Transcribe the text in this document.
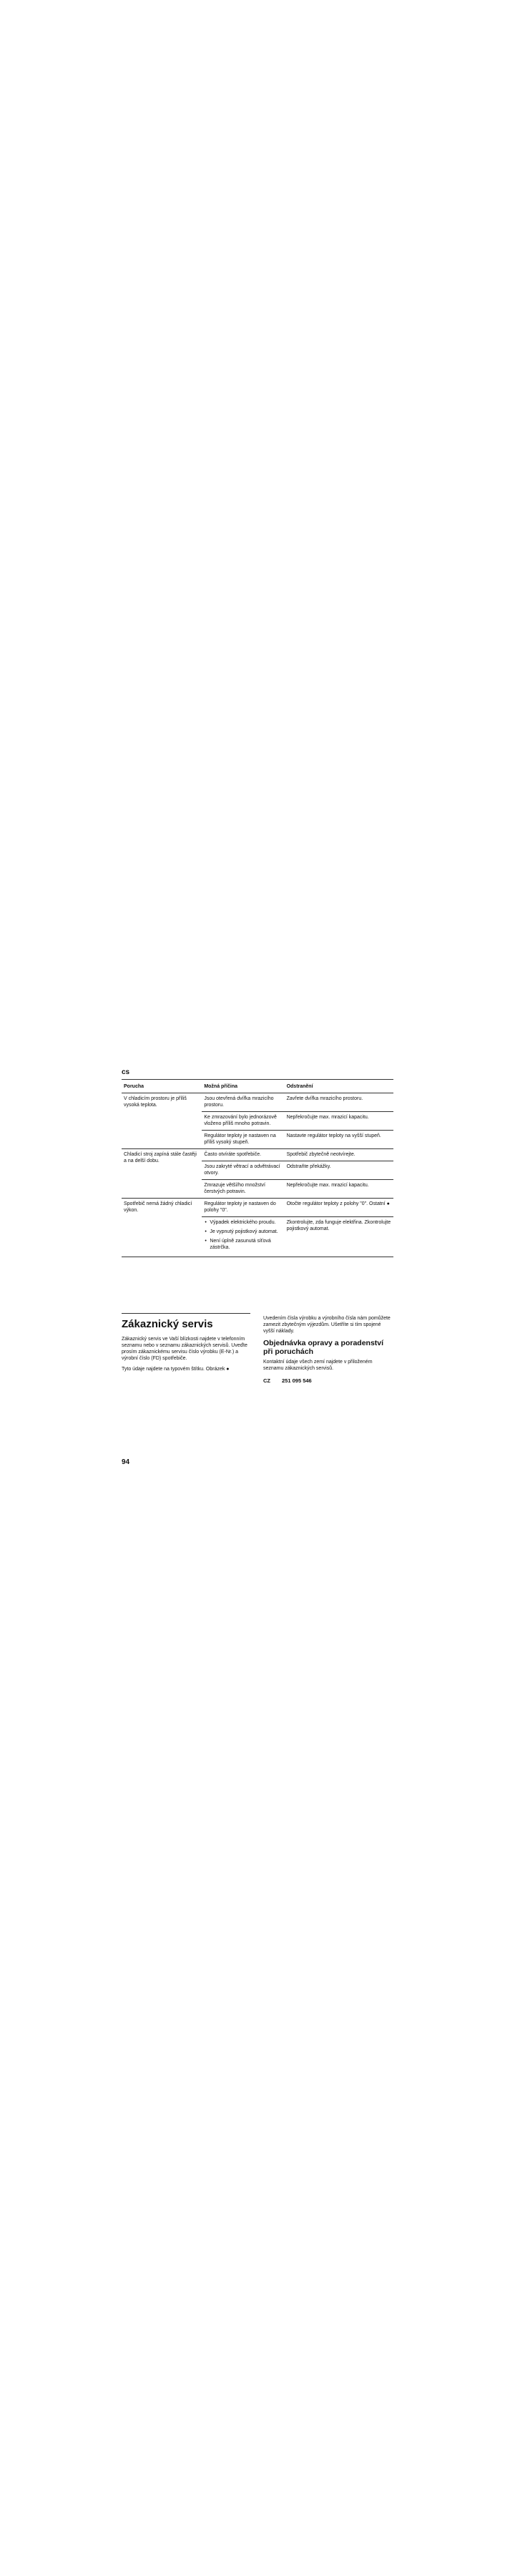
cs
Porucha	Možná příčina	Odstranění
V chladicím prostoru je příliš vysoká teplota.	Jsou otevřená dvířka mrazicího prostoru.	Zavřete dvířka mrazicího prostoru.
	Ke zmrazování bylo jednorázově vloženo příliš mnoho potravin.	Nepřekročujte max. mrazicí kapacitu.
	Regulátor teploty je nastaven na příliš vysoký stupeň.	Nastavte regulátor teploty na vyšší stupeň.
Chladicí stroj zapíná stále častěji a na delší dobu.	Často otvíráte spotřebiče.	Spotřebič zbytečně neotvírejte.
	Jsou zakryté větrací a odvětrávací otvory.	Odstraňte překážky.
	Zmrazuje větší/ho množství čerstvých potravin.	Nepřekročujte max. mrazicí kapacitu.
Spotřebič nemá žádný chladicí výkon.	Regulátor teploty je nastaven do polohy "0".	Otočte regulátor teploty z polohy "0". Ostatní ●

	• Výpadek elektrického proudu.
• Je vypnutý pojistkový automat.
• Není úplně zasunutá síťová zástrčka.	Zkontrolujte, zda funguje elektřina. Zkontrolujte pojistkový automat.
Zákaznický servis

Zákaznický servis ve Vaší blízkosti najdete v telefonním seznamu nebo v seznamu zákaznických servisů. Uveďte prosím zákaznickému servisu číslo výrobku (E-Nr.) a výrobní číslo (FD) spotřebiče.

Tyto údaje najdete na typovém štítku. Obrázek ●

Uvedením čísla výrobku a výrobního čísla nám pomůžete zamezit zbytečným výjezdům. Ušetříte si tím spojené vyšší náklady.

Objednávka opravy a poradenství při poruchách

Kontaktní údaje všech zemí najdete v přiloženém seznamu zákaznických servisů.

CZ 251 095 546
94
